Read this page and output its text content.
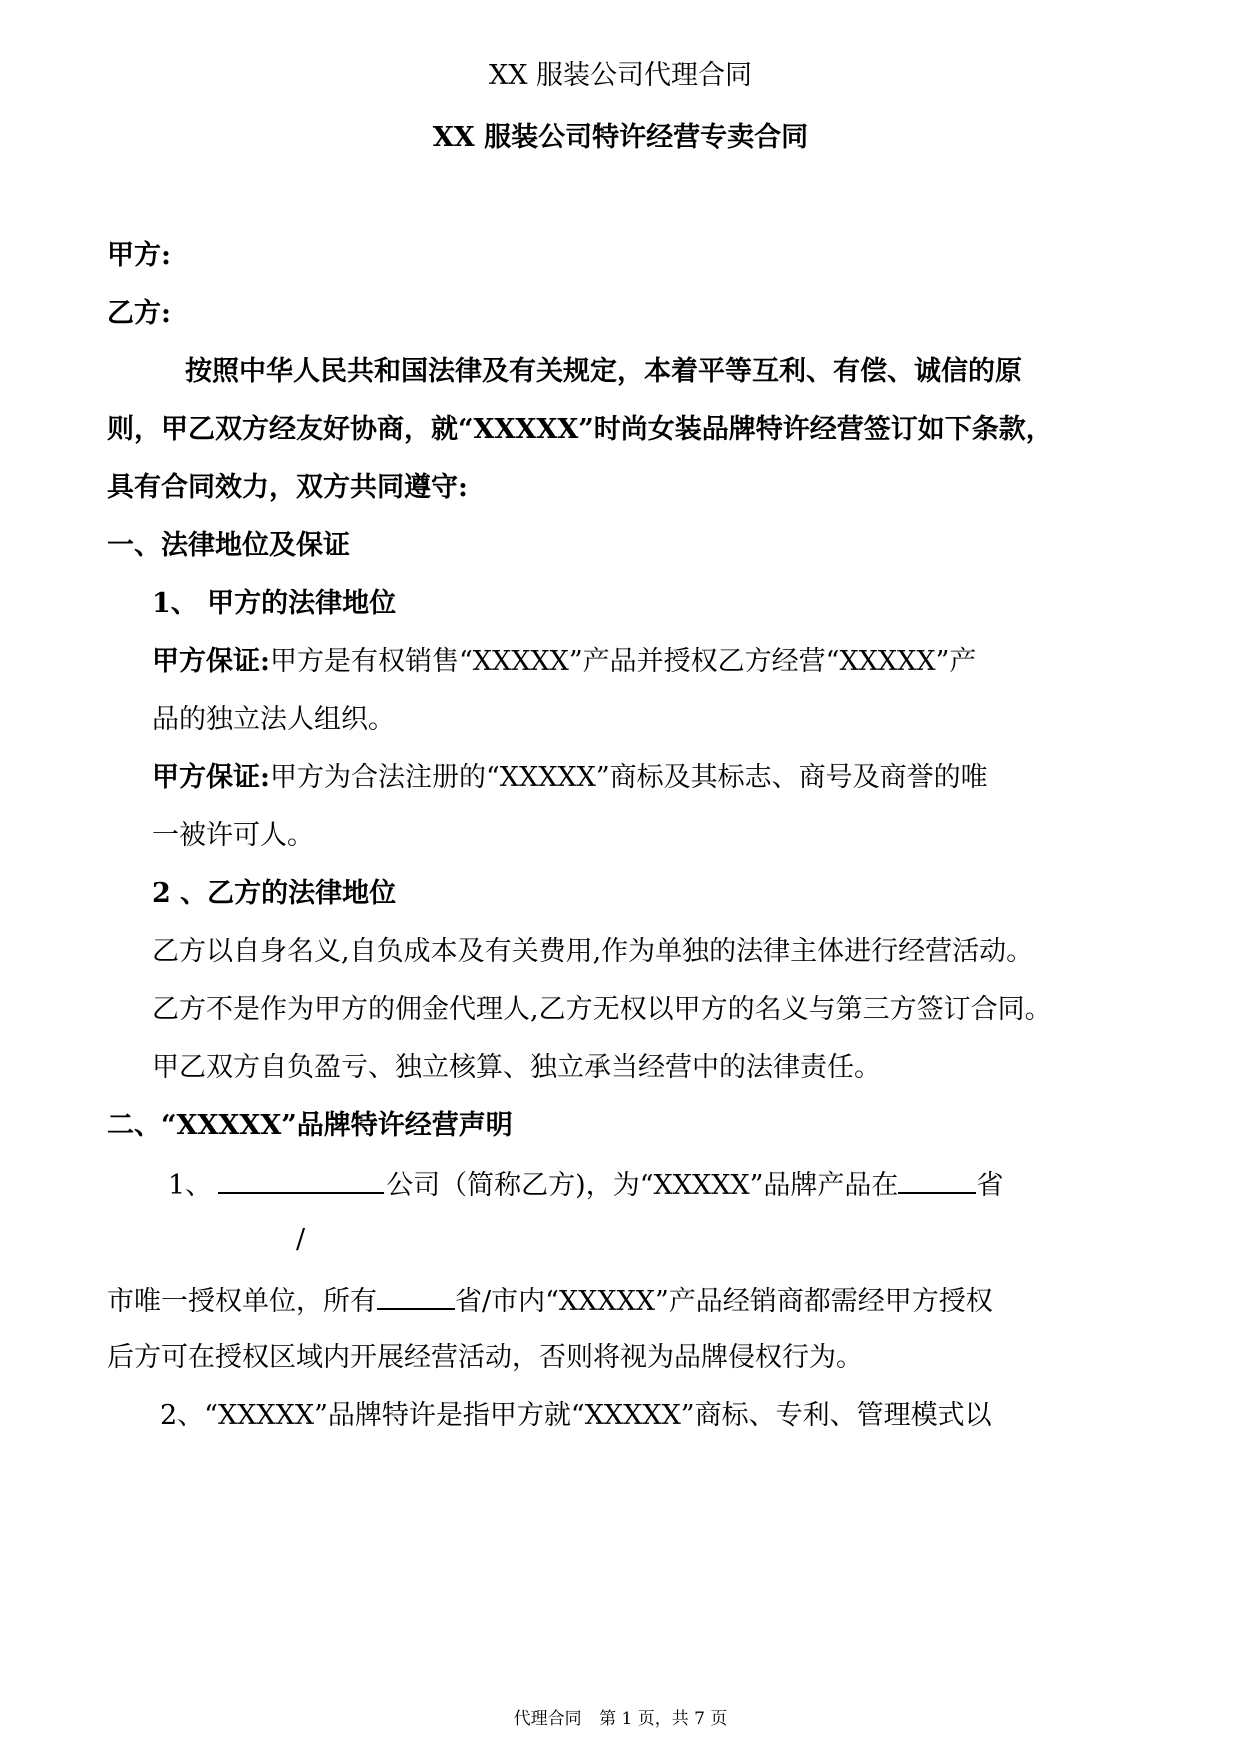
XX 服装公司代理合同
XX 服装公司特许经营专卖合同
甲方:
乙方:
按照中华人民共和国法律及有关规定，本着平等互利、有偿、诚信的原
则，甲乙双方经友好协商，就“XXXXX”时尚女装品牌特许经营签订如下条款，
具有合同效力，双方共同遵守:
一、法律地位及保证
1、 甲方的法律地位
甲方保证:甲方是有权销售“XXXXX”产品并授权乙方经营“XXXXX”产
品的独立法人组织。
甲方保证:甲方为合法注册的“XXXXX”商标及其标志、商号及商誉的唯
一被许可人。
2 、乙方的法律地位
乙方以自身名义,自负成本及有关费用,作为单独的法律主体进行经营活动。
乙方不是作为甲方的佣金代理人,乙方无权以甲方的名义与第三方签订合同。
甲乙双方自负盈亏、独立核算、独立承当经营中的法律责任。
二、“XXXXX”品牌特许经营声明
1、	公司（简称乙方)，为“XXXXX”品牌产品在	省
/
市唯一授权单位，所有	省/市内“XXXXX”产品经销商都需经甲方授权
后方可在授权区域内开展经营活动，否则将视为品牌侵权行为。
2、“XXXXX”品牌特许是指甲方就“XXXXX”商标、专利、管理模式以
代理合同 第 1 页，共 7 页
